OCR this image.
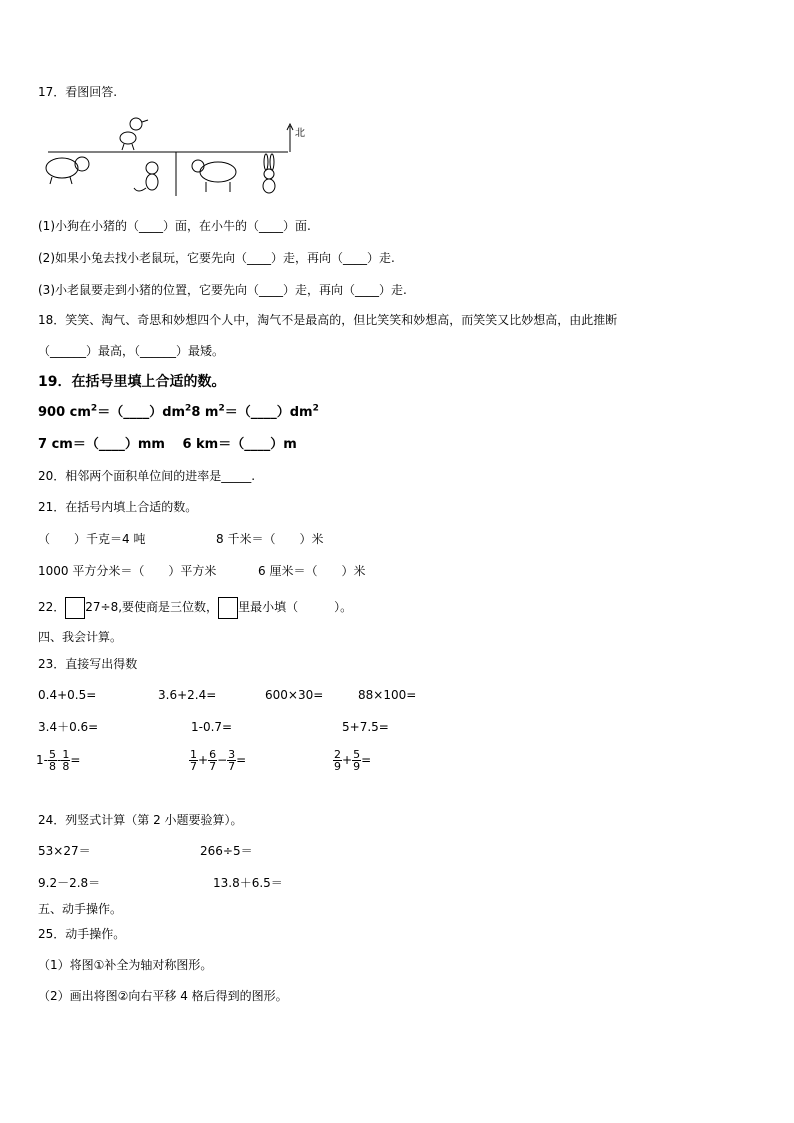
17．看图回答.
北
(1)小狗在小猪的（____）面，在小牛的（____）面.
(2)如果小兔去找小老鼠玩，它要先向（____）走，再向（____）走.
(3)小老鼠要走到小猪的位置，它要先向（____）走，再向（____）走.
18．笑笑、淘气、奇思和妙想四个人中，淘气不是最高的，但比笑笑和妙想高，而笑笑又比妙想高，由此推断
（______）最高，（______）最矮。
19．在括号里填上合适的数。
900 $cm^2=(\_\_\_\_)dm^28$ $m^2=(\_\_\_\_)dm^2$
7 cm＝（____）mm　 6 km＝（____）m
20．相邻两个面积单位间的进率是_____.
21．在括号内填上合适的数。
（　　）千克＝4 吨	8 千米＝（　　）米
1000 平方分米＝（　　）平方米	6 厘米＝（　　）米
22． 27÷8,要使商是三位数， 里最小填（　　　）。
四、我会计算。
23．直接写出得数
0.4+0.5=	3.6+2.4=	600×30=	88×100=
3.4＋0.6=	1-0.7=	5+7.5=
$1- \frac{5}{8} - \frac{1}{8}$ =	$\frac{1}{7} + \frac{6}{7} - \frac{3}{7}$ =	$\frac{2}{9} + \frac{5}{9}$ =
24．列竖式计算（第 2 小题要验算）。
53×27＝	266÷5＝
9.2－2.8＝	13.8＋6.5＝
五、动手操作。
25．动手操作。
（1）将图①补全为轴对称图形。
（2）画出将图②向右平移 4 格后得到的图形。
